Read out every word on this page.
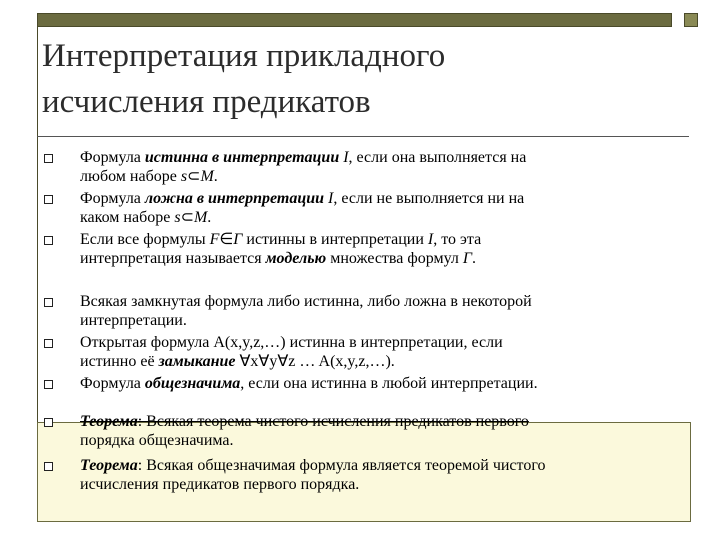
Интерпретация прикладного
исчисления предикатов
Формула истинна в интерпретации I, если она выполняется на
любом наборе s⊂M.
Формула ложна в интерпретации I, если не выполняется ни на
каком наборе s⊂M.
Если все формулы F∈Γ истинны в интерпретации I, то эта
интерпретация называется моделью множества формул Γ.
Всякая замкнутая формула либо истинна, либо ложна в некоторой
интерпретации.
Открытая формула A(x,y,z,…) истинна в интерпретации, если
истинно её замыкание ∀x∀y∀z … A(x,y,z,…).
Формула общезначима, если она истинна в любой интерпретации.
Теорема: Всякая теорема чистого исчисления предикатов первого
порядка общезначима.
Теорема: Всякая общезначимая формула является теоремой чистого
исчисления предикатов первого порядка.
